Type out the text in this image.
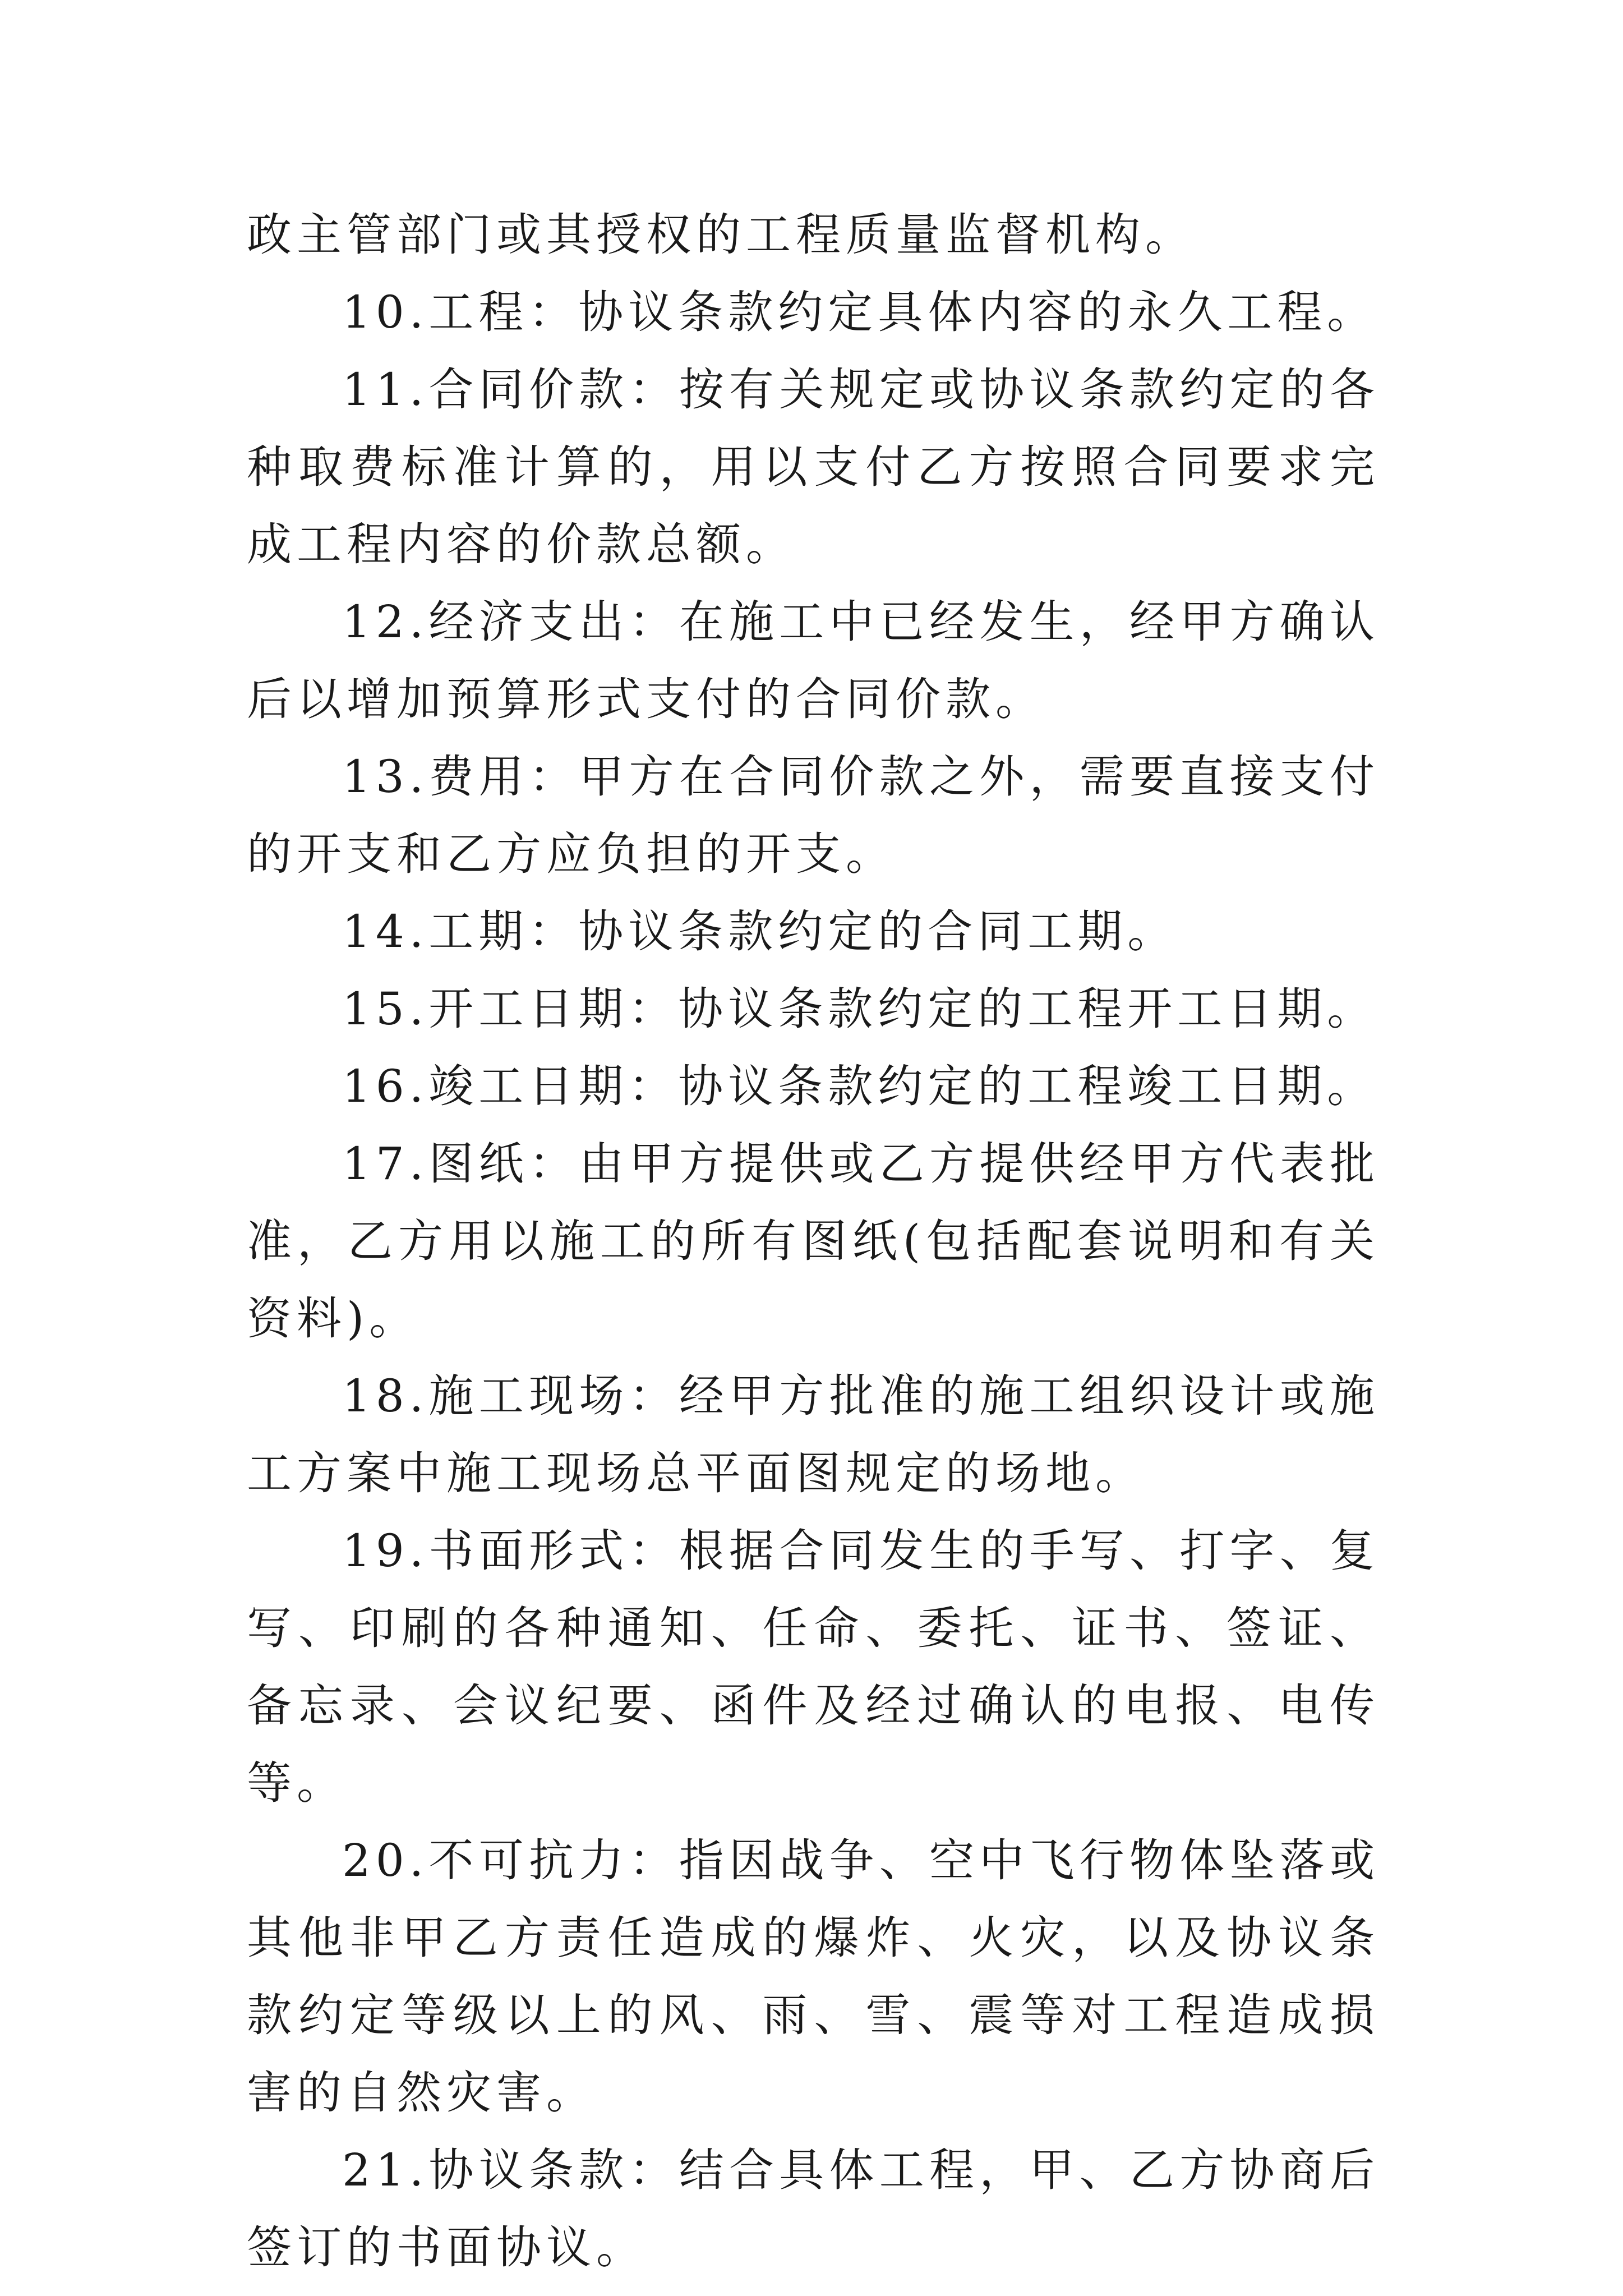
政主管部门或其授权的工程质量监督机构。

10.工程：协议条款约定具体内容的永久工程。

11.合同价款：按有关规定或协议条款约定的各种取费标准计算的，用以支付乙方按照合同要求完成工程内容的价款总额。

12.经济支出：在施工中已经发生，经甲方确认后以增加预算形式支付的合同价款。

13.费用：甲方在合同价款之外，需要直接支付的开支和乙方应负担的开支。

14.工期：协议条款约定的合同工期。

15.开工日期：协议条款约定的工程开工日期。

16.竣工日期：协议条款约定的工程竣工日期。

17.图纸：由甲方提供或乙方提供经甲方代表批准，乙方用以施工的所有图纸(包括配套说明和有关资料)。

18.施工现场：经甲方批准的施工组织设计或施工方案中施工现场总平面图规定的场地。

19.书面形式：根据合同发生的手写、打字、复写、印刷的各种通知、任命、委托、证书、签证、备忘录、会议纪要、函件及经过确认的电报、电传等。

20.不可抗力：指因战争、空中飞行物体坠落或其他非甲乙方责任造成的爆炸、火灾，以及协议条款约定等级以上的风、雨、雪、震等对工程造成损害的自然灾害。

21.协议条款：结合具体工程，甲、乙方协商后签订的书面协议。
